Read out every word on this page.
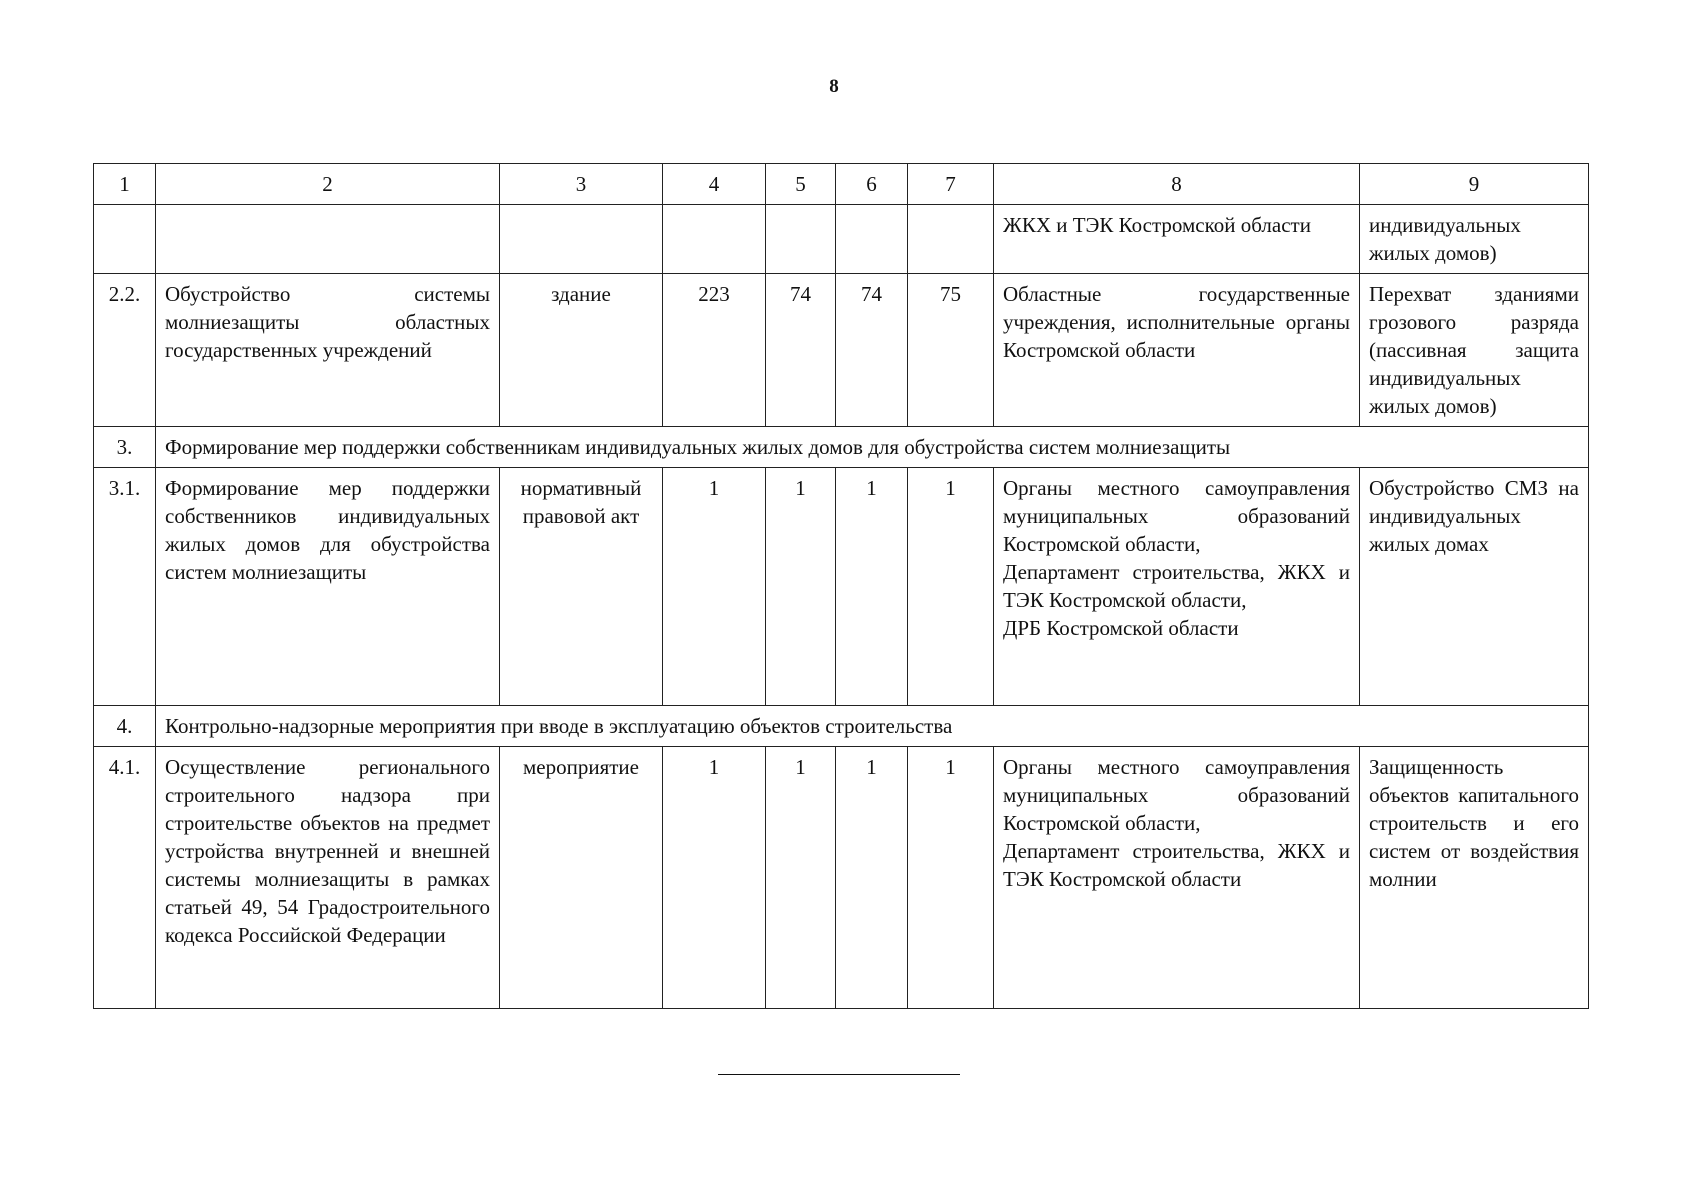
8
1	2	3	4	5	6	7	8	9
							ЖКХ и ТЭК Костромской области	индивидуальных жилых домов)
2.2.	Обустройство системы молниезащиты областных государственных учреждений	здание	223	74	74	75	Областные государственные учреждения, исполнительные органы Костромской области	Перехват зданиями грозового разряда (пассивная защита индивидуальных жилых домов)
3.	Формирование мер поддержки собственникам индивидуальных жилых домов для обустройства систем молниезащиты							
3.1.	Формирование мер поддержки собственников индивидуальных жилых домов для обустройства систем молниезащиты	нормативный правовой акт	1	1	1	1	Органы местного самоуправления муниципальных образований Костромской области,
Департамент строительства, ЖКХ и ТЭК Костромской области,
ДРБ Костромской области	Обустройство СМЗ на индивидуальных жилых домах
4.	Контрольно-надзорные мероприятия при вводе в эксплуатацию объектов строительства							
4.1.	Осуществление регионального строительного надзора при строительстве объектов на предмет устройства внутренней и внешней системы молниезащиты в рамках статьей 49, 54 Градостроительного кодекса Российской Федерации	мероприятие	1	1	1	1	Органы местного самоуправления муниципальных образований Костромской области,
Департамент строительства, ЖКХ и ТЭК Костромской области	Защищенность объектов капитального строительств и его систем от воздействия молнии
